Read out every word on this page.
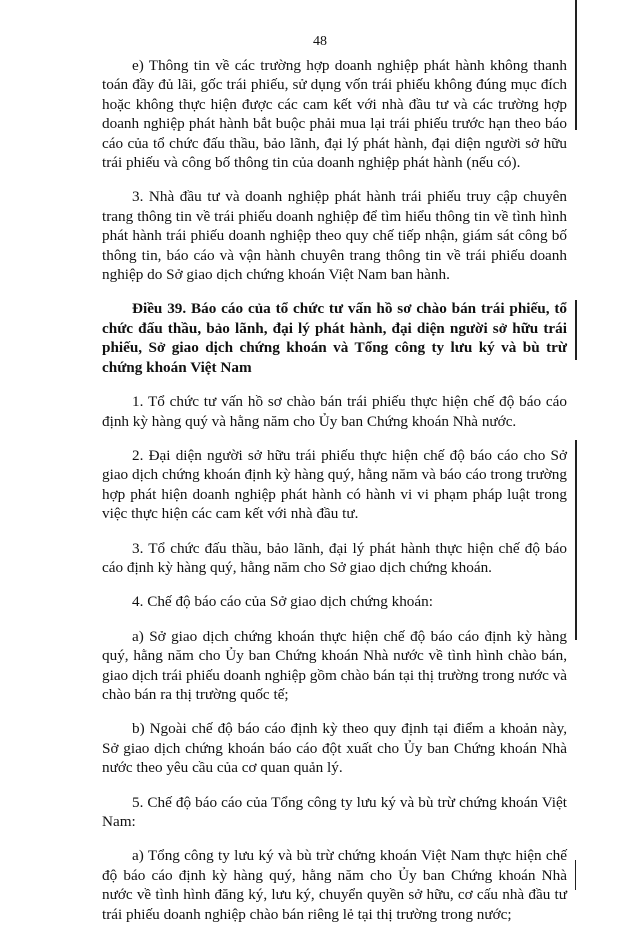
48

e) Thông tin về các trường hợp doanh nghiệp phát hành không thanh toán đầy đủ lãi, gốc trái phiếu, sử dụng vốn trái phiếu không đúng mục đích hoặc không thực hiện được các cam kết với nhà đầu tư và các trường hợp doanh nghiệp phát hành bắt buộc phải mua lại trái phiếu trước hạn theo báo cáo của tổ chức đấu thầu, bảo lãnh, đại lý phát hành, đại diện người sở hữu trái phiếu và công bố thông tin của doanh nghiệp phát hành (nếu có).

3. Nhà đầu tư và doanh nghiệp phát hành trái phiếu truy cập chuyên trang thông tin về trái phiếu doanh nghiệp để tìm hiểu thông tin về tình hình phát hành trái phiếu doanh nghiệp theo quy chế tiếp nhận, giám sát công bố thông tin, báo cáo và vận hành chuyên trang thông tin về trái phiếu doanh nghiệp do Sở giao dịch chứng khoán Việt Nam ban hành.

Điều 39. Báo cáo của tổ chức tư vấn hồ sơ chào bán trái phiếu, tổ chức đấu thầu, bảo lãnh, đại lý phát hành, đại diện người sở hữu trái phiếu, Sở giao dịch chứng khoán và Tổng công ty lưu ký và bù trừ chứng khoán Việt Nam

1. Tổ chức tư vấn hồ sơ chào bán trái phiếu thực hiện chế độ báo cáo định kỳ hàng quý và hằng năm cho Ủy ban Chứng khoán Nhà nước.

2. Đại diện người sở hữu trái phiếu thực hiện chế độ báo cáo cho Sở giao dịch chứng khoán định kỳ hàng quý, hằng năm và báo cáo trong trường hợp phát hiện doanh nghiệp phát hành có hành vi vi phạm pháp luật trong việc thực hiện các cam kết với nhà đầu tư.

3. Tổ chức đấu thầu, bảo lãnh, đại lý phát hành thực hiện chế độ báo cáo định kỳ hàng quý, hằng năm cho Sở giao dịch chứng khoán.

4. Chế độ báo cáo của Sở giao dịch chứng khoán:

a) Sở giao dịch chứng khoán thực hiện chế độ báo cáo định kỳ hàng quý, hằng năm cho Ủy ban Chứng khoán Nhà nước về tình hình chào bán, giao dịch trái phiếu doanh nghiệp gồm chào bán tại thị trường trong nước và chào bán ra thị trường quốc tế;

b) Ngoài chế độ báo cáo định kỳ theo quy định tại điểm a khoản này, Sở giao dịch chứng khoán báo cáo đột xuất cho Ủy ban Chứng khoán Nhà nước theo yêu cầu của cơ quan quản lý.

5. Chế độ báo cáo của Tổng công ty lưu ký và bù trừ chứng khoán Việt Nam:

a) Tổng công ty lưu ký và bù trừ chứng khoán Việt Nam thực hiện chế độ báo cáo định kỳ hàng quý, hằng năm cho Ủy ban Chứng khoán Nhà nước về tình hình đăng ký, lưu ký, chuyển quyền sở hữu, cơ cấu nhà đầu tư trái phiếu doanh nghiệp chào bán riêng lẻ tại thị trường trong nước;
